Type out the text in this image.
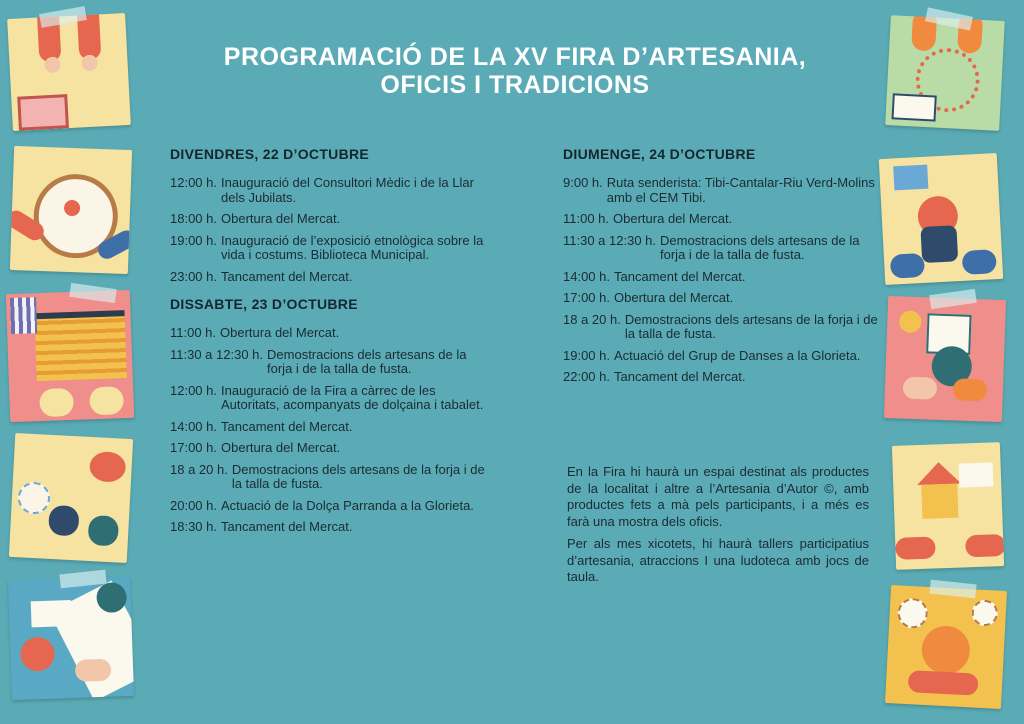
PROGRAMACIÓ DE LA XV FIRA D’ARTESANIA,
OFICIS I TRADICIONS
DIVENDRES, 22 D’OCTUBRE
12:00 h. Inauguració del Consultori Mèdic i de la Llar dels Jubilats.
18:00 h. Obertura del Mercat.
19:00 h. Inauguració de l’exposició etnològica sobre la vida i costums. Biblioteca Municipal.
23:00 h. Tancament del Mercat.
DISSABTE, 23 D’OCTUBRE
11:00 h. Obertura del Mercat.
11:30 a 12:30 h. Demostracions dels artesans de la forja i de la talla de fusta.
12:00 h. Inauguració de la Fira a càrrec de les Autoritats, acompanyats de dolçaina i tabalet.
14:00 h. Tancament del Mercat.
17:00 h. Obertura del Mercat.
18 a 20 h. Demostracions dels artesans de la forja i de la talla de fusta.
20:00 h. Actuació de la Dolça Parranda a la Glorieta.
18:30 h. Tancament del Mercat.
DIUMENGE, 24 D’OCTUBRE
9:00 h. Ruta senderista: Tibi-Cantalar-Riu Verd-Molins amb el CEM Tibi.
11:00 h. Obertura del Mercat.
11:30 a 12:30 h. Demostracions dels artesans de la forja i de la talla de fusta.
14:00 h. Tancament del Mercat.
17:00 h. Obertura del Mercat.
18 a 20 h. Demostracions dels artesans de la forja i de la talla de fusta.
19:00 h. Actuació del Grup de Danses a la Glorieta.
22:00 h. Tancament del Mercat.

En la Fira hi haurà un espai destinat als productes de la localitat i altre a l’Artesania d’Autor ©, amb productes fets a mà pels participants, i a més es farà una mostra dels oficis.

Per als mes xicotets, hi haurà tallers participatius d’artesania, atraccions I una ludoteca amb jocs de taula.
